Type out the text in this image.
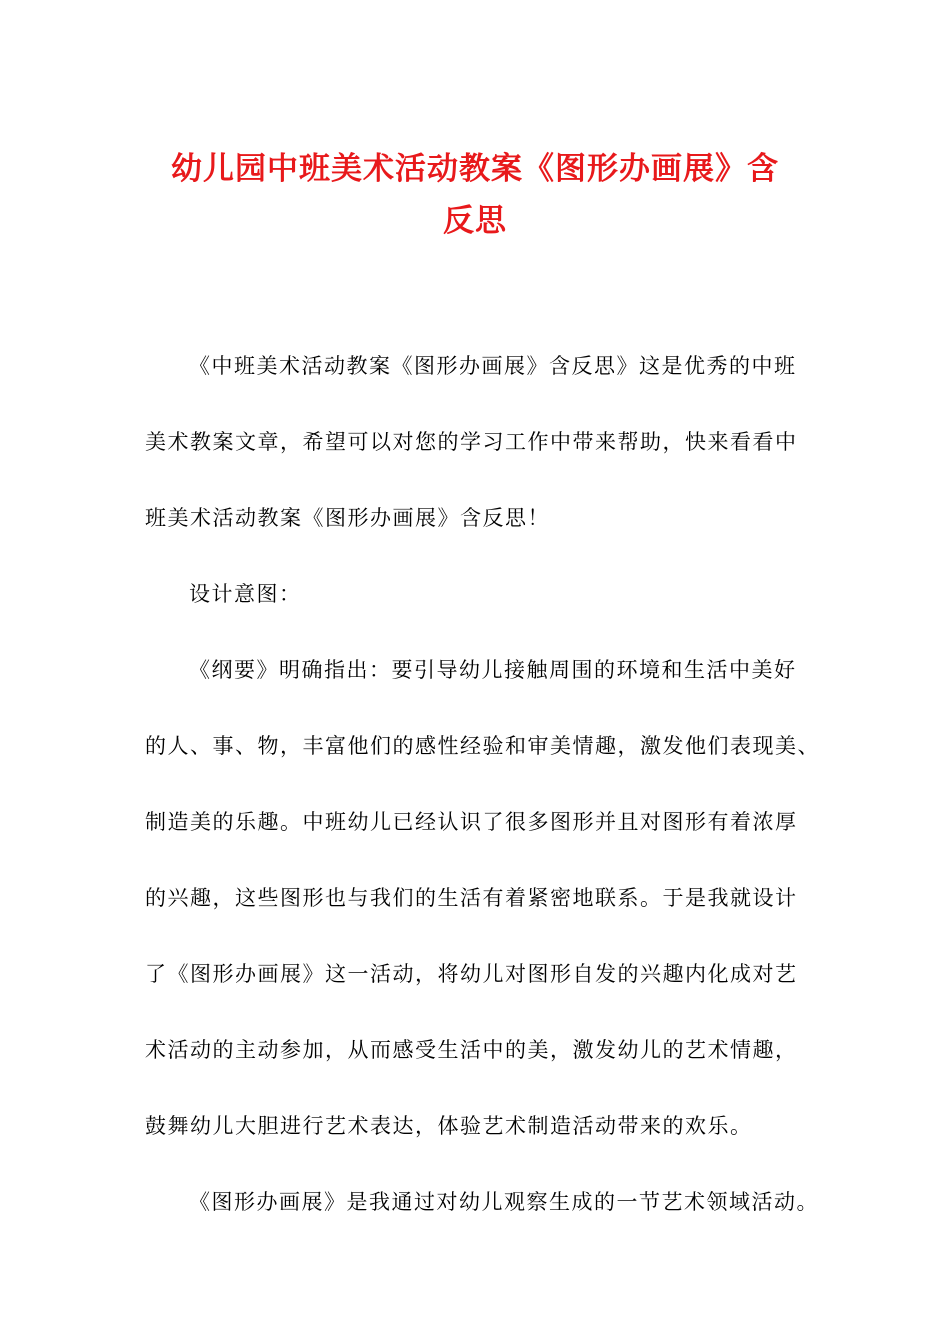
幼儿园中班美术活动教案《图形办画展》含
反思
《中班美术活动教案《图形办画展》含反思》这是优秀的中班
美术教案文章，希望可以对您的学习工作中带来帮助，快来看看中
班美术活动教案《图形办画展》含反思！
设计意图：
《纲要》明确指出：要引导幼儿接触周围的环境和生活中美好
的人、事、物，丰富他们的感性经验和审美情趣，激发他们表现美、
制造美的乐趣。中班幼儿已经认识了很多图形并且对图形有着浓厚
的兴趣，这些图形也与我们的生活有着紧密地联系。于是我就设计
了《图形办画展》这一活动，将幼儿对图形自发的兴趣内化成对艺
术活动的主动参加，从而感受生活中的美，激发幼儿的艺术情趣，
鼓舞幼儿大胆进行艺术表达，体验艺术制造活动带来的欢乐。
《图形办画展》是我通过对幼儿观察生成的一节艺术领域活动。
